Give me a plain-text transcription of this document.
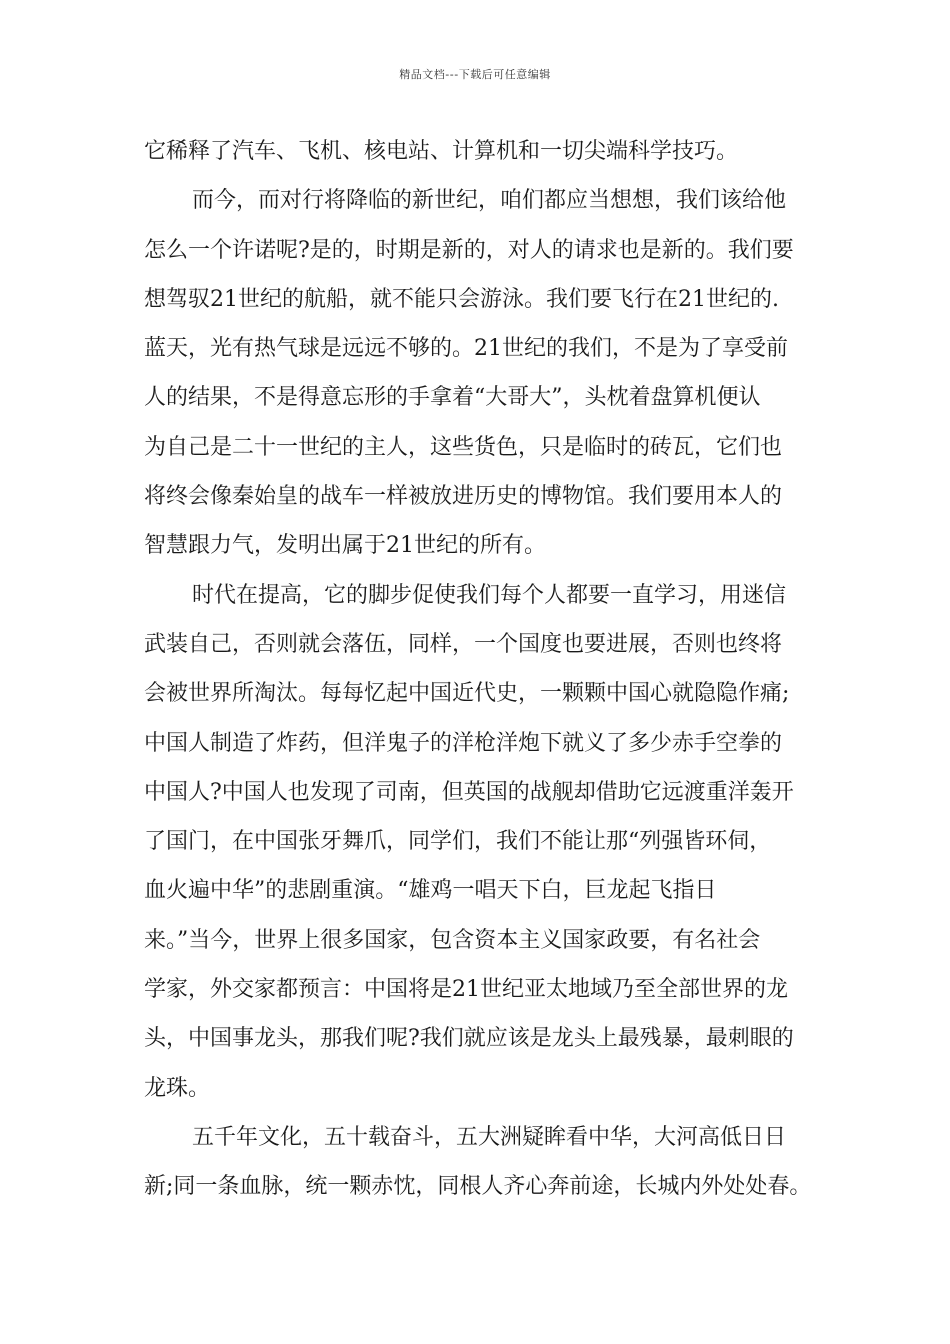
精品文档---下载后可任意编辑

它稀释了汽车、飞机、核电站、计算机和一切尖端科学技巧。

而今，而对行将降临的新世纪，咱们都应当想想，我们该给他
怎么一个许诺呢?是的，时期是新的，对人的请求也是新的。我们要
想驾驭21世纪的航船，就不能只会游泳。我们要飞行在21世纪的.
蓝天，光有热气球是远远不够的。21世纪的我们，不是为了享受前
人的结果，不是得意忘形的手拿着“大哥大”，头枕着盘算机便认
为自己是二十一世纪的主人，这些货色，只是临时的砖瓦，它们也
将终会像秦始皇的战车一样被放进历史的博物馆。我们要用本人的
智慧跟力气，发明出属于21世纪的所有。

时代在提高，它的脚步促使我们每个人都要一直学习，用迷信
武装自己，否则就会落伍，同样，一个国度也要进展，否则也终将
会被世界所淘汰。每每忆起中国近代史，一颗颗中国心就隐隐作痛;
中国人制造了炸药，但洋鬼子的洋枪洋炮下就义了多少赤手空拳的
中国人?中国人也发现了司南，但英国的战舰却借助它远渡重洋轰开
了国门，在中国张牙舞爪，同学们，我们不能让那“列强皆环伺，
血火遍中华”的悲剧重演。“雄鸡一唱天下白，巨龙起飞指日
来。”当今，世界上很多国家，包含资本主义国家政要，有名社会
学家，外交家都预言：中国将是21世纪亚太地域乃至全部世界的龙
头，中国事龙头，那我们呢?我们就应该是龙头上最残暴，最刺眼的
龙珠。

五千年文化，五十载奋斗，五大洲疑眸看中华，大河高低日日
新;同一条血脉，统一颗赤忱，同根人齐心奔前途，长城内外处处春。
